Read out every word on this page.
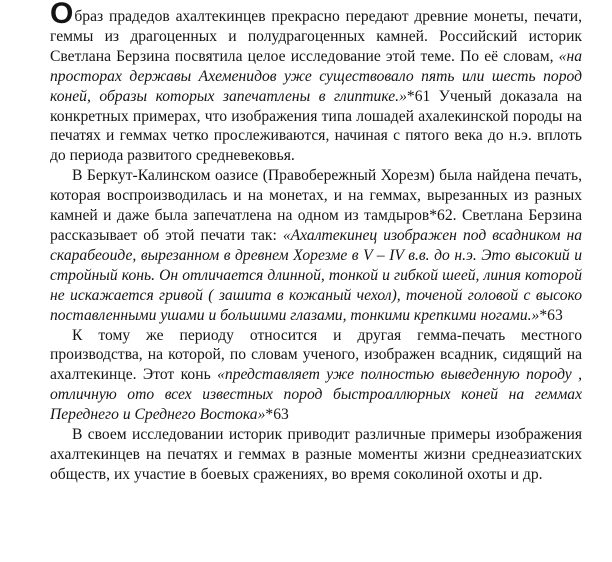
Образ прадедов ахалтекинцев прекрасно передают древние монеты, печати, геммы из драгоценных и полудрагоценных камней. Российский историк Светлана Берзина посвятила целое исследование этой теме. По её словам, «на просторах державы Ахеменидов уже существовало пять или шесть пород коней, образы которых запечатлены в глиптике.»*61 Ученый доказала на конкретных примерах, что изображения типа лошадей ахалекинской породы на печатях и геммах четко прослеживаются, начиная с пятого века до н.э. вплоть до периода развитого средневековья.

В Беркут-Калинском оазисе (Правобережный Хорезм) была найдена печать, которая воспроизводилась и на монетах, и на геммах, вырезанных из разных камней и даже была запечатлена на одном из тамдыров*62. Светлана Берзина рассказывает об этой печати так: «Ахалтекинец изображен под всадником на скарабеоиде, вырезанном в древнем Хорезме в V – IV в.в. до н.э. Это высокий и стройный конь. Он отличается длинной, тонкой и гибкой шеей, линия которой не искажается гривой ( зашита в кожаный чехол), точеной головой с высоко поставленными ушами и большими глазами, тонкими крепкими ногами.»*63

К тому же периоду относится и другая гемма-печать местного производства, на которой, по словам ученого, изображен всадник, сидящий на ахалтекинце. Этот конь «представляет уже полностью выведенную породу , отличную ото всех известных пород быстроаллюрных коней на геммах Переднего и Среднего Востока»*63

В своем исследовании историк приводит различные примеры изображения ахалтекинцев на печатях и геммах в разные моменты жизни среднеазиатских обществ, их участие в боевых сражениях, во время соколиной охоты и др.
